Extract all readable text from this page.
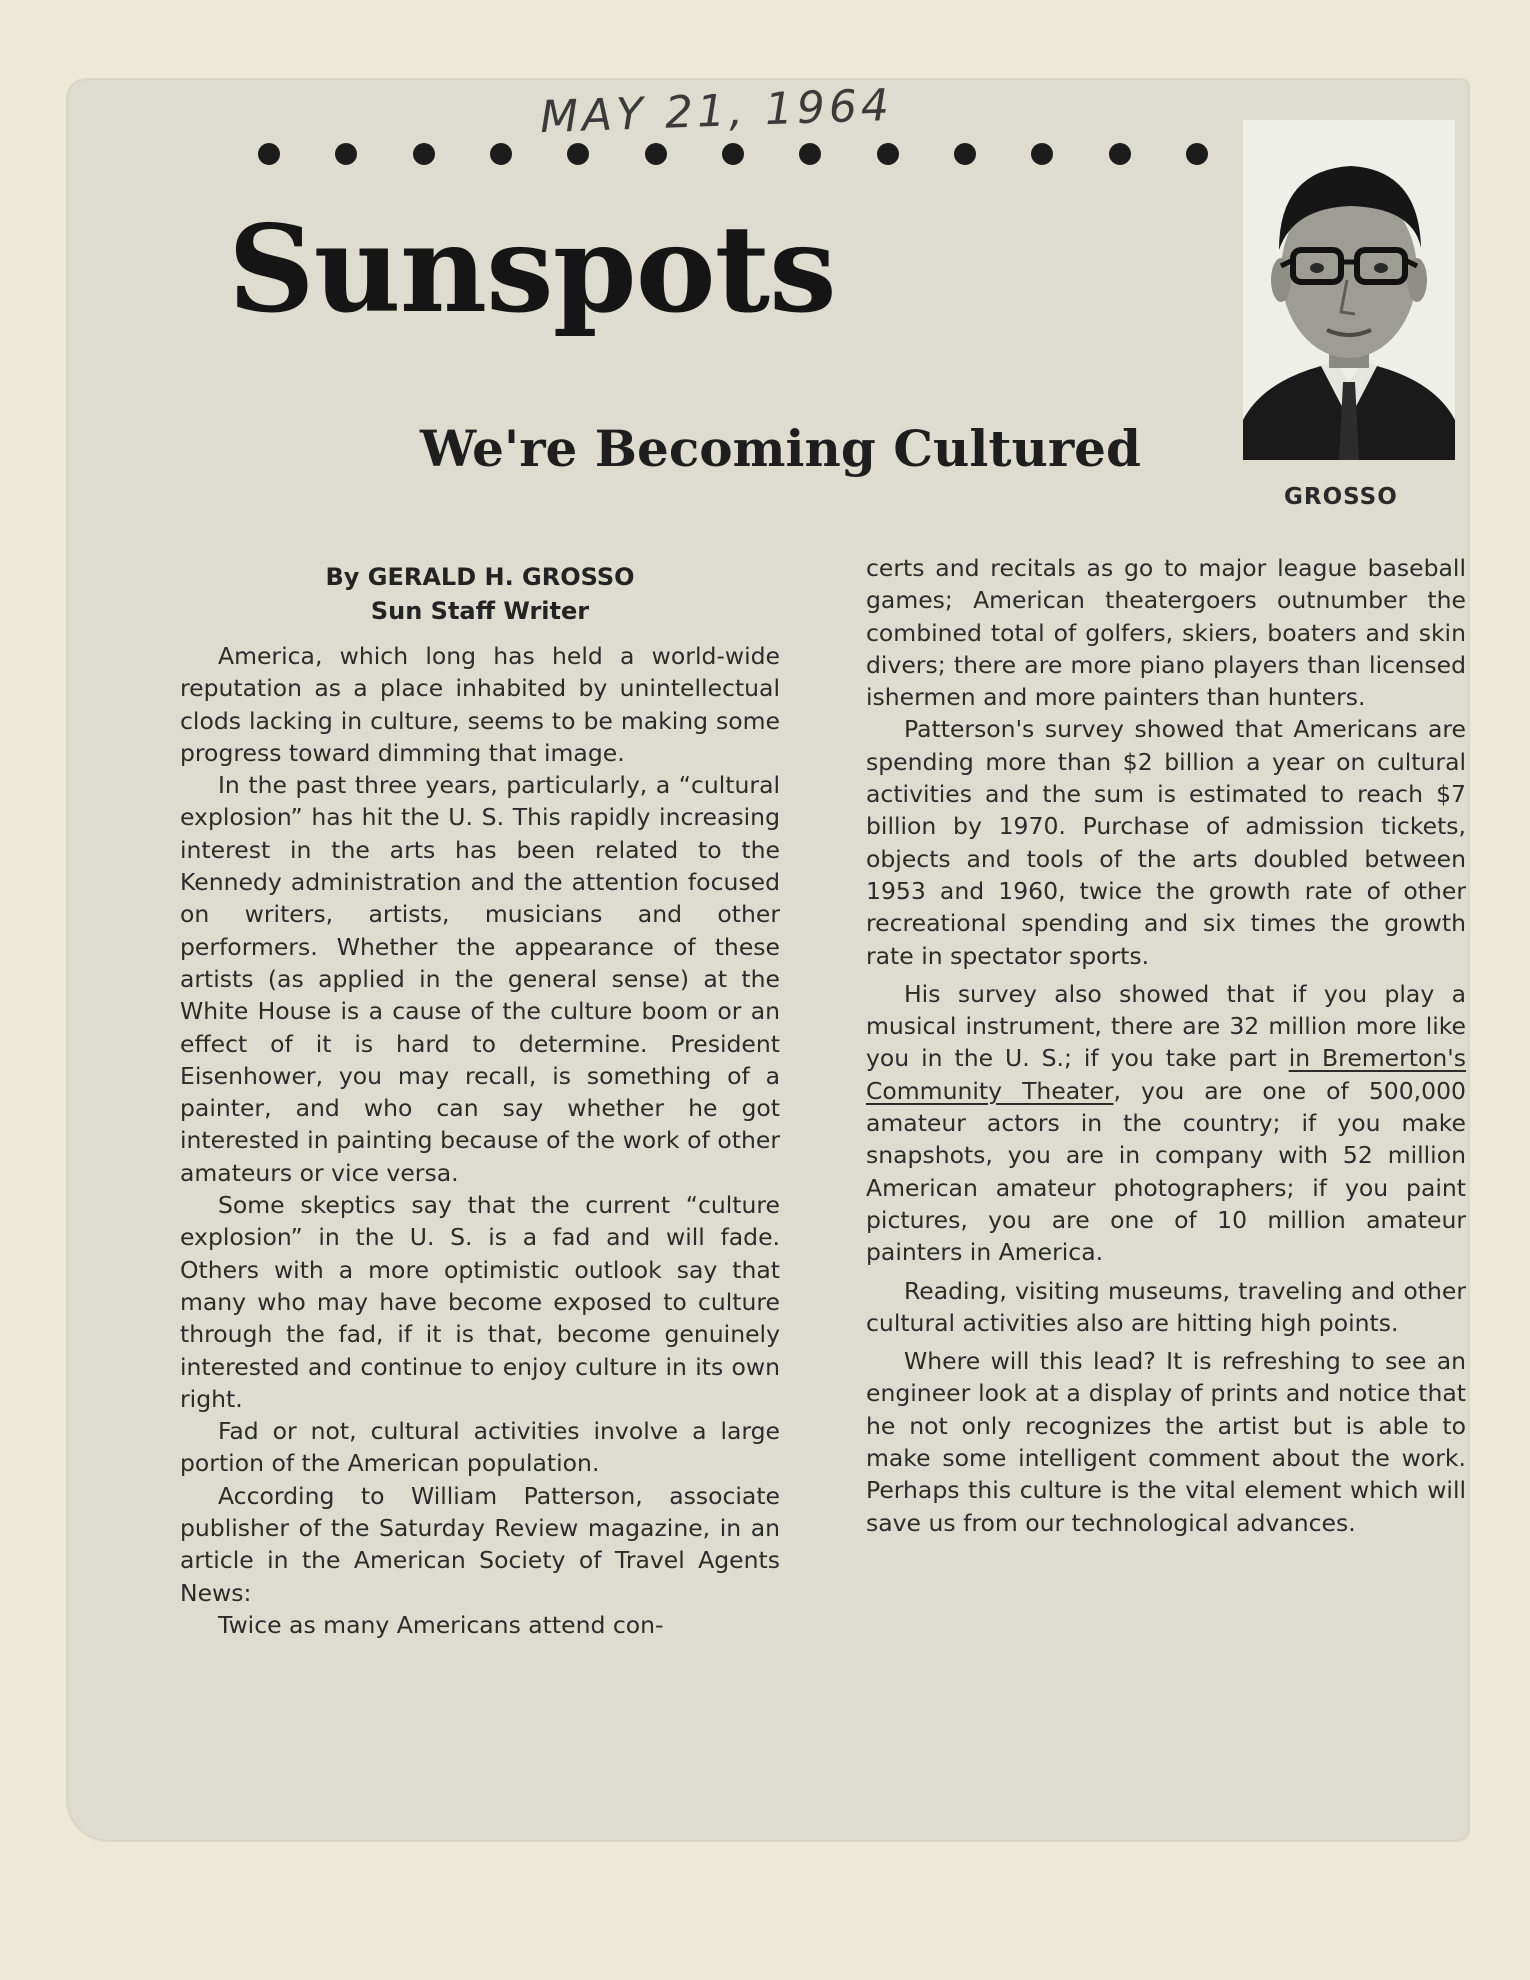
MAY 21, 1964

Sunspots
We're Becoming Cultured

GROSSO

By GERALD H. GROSSO
Sun Staff Writer

America, which long has held a world-wide reputation as a place inhabited by unintellectual clods lacking in culture, seems to be making some progress toward dimming that image.

In the past three years, particularly, a “cultural explosion” has hit the U. S. This rapidly increasing interest in the arts has been related to the Kennedy administration and the attention focused on writers, artists, musicians and other performers. Whether the appearance of these artists (as applied in the general sense) at the White House is a cause of the culture boom or an effect of it is hard to determine. President Eisenhower, you may recall, is something of a painter, and who can say whether he got interested in painting because of the work of other amateurs or vice versa.

Some skeptics say that the current “culture explosion” in the U. S. is a fad and will fade. Others with a more optimistic outlook say that many who may have become exposed to culture through the fad, if it is that, become genuinely interested and continue to enjoy culture in its own right.

Fad or not, cultural activities involve a large portion of the American population.

According to William Patterson, associate publisher of the Saturday Review magazine, in an article in the American Society of Travel Agents News:

Twice as many Americans attend con-

certs and recitals as go to major league baseball games; American theatergoers outnumber the combined total of golfers, skiers, boaters and skin divers; there are more piano players than licensed ishermen and more painters than hunters.

Patterson's survey showed that Americans are spending more than $2 billion a year on cultural activities and the sum is estimated to reach $7 billion by 1970. Purchase of admission tickets, objects and tools of the arts doubled between 1953 and 1960, twice the growth rate of other recreational spending and six times the growth rate in spectator sports.

His survey also showed that if you play a musical instrument, there are 32 million more like you in the U. S.; if you take part in Bremerton's Community Theater, you are one of 500,000 amateur actors in the country; if you make snapshots, you are in company with 52 million American amateur photographers; if you paint pictures, you are one of 10 million amateur painters in America.

Reading, visiting museums, traveling and other cultural activities also are hitting high points.

Where will this lead? It is refreshing to see an engineer look at a display of prints and notice that he not only recognizes the artist but is able to make some intelligent comment about the work. Perhaps this culture is the vital element which will save us from our technological advances.
